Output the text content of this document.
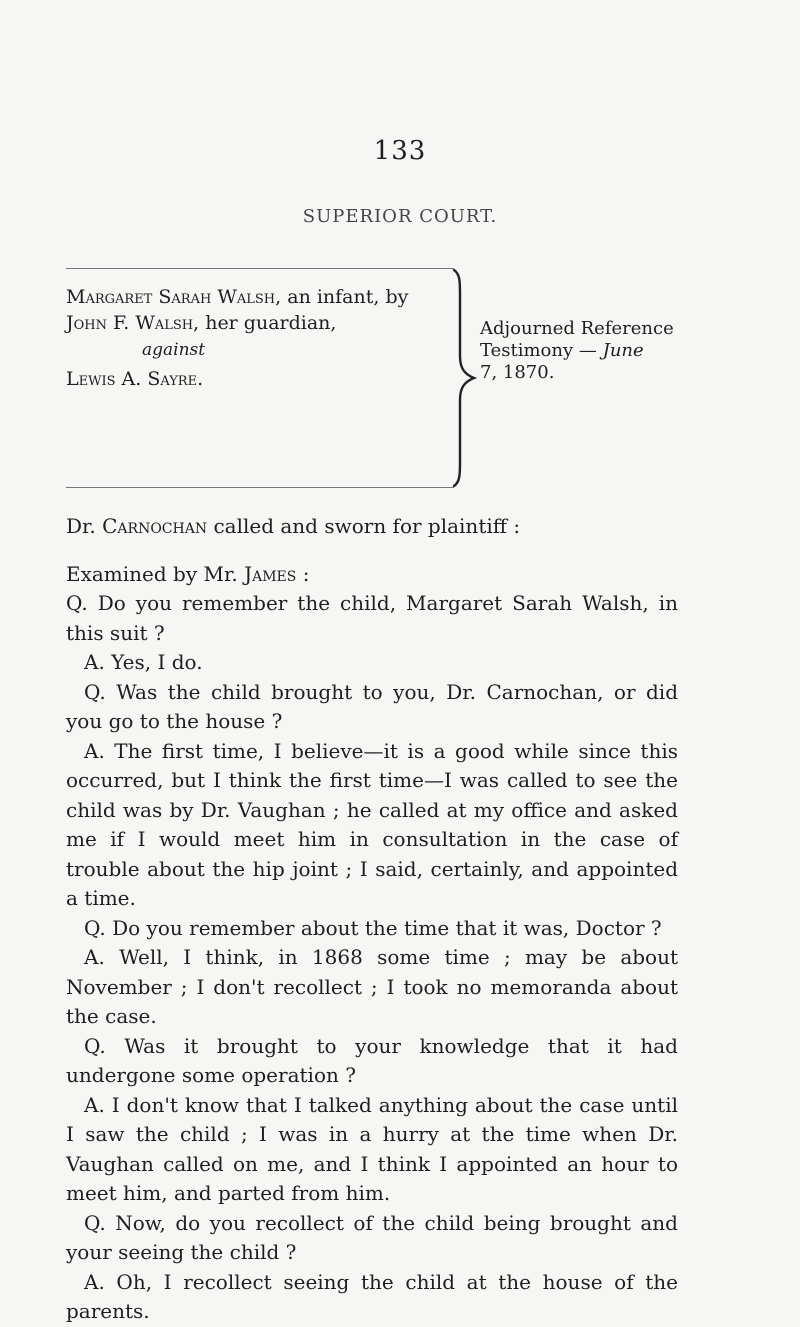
133
SUPERIOR COURT.
Margaret Sarah Walsh, an infant, by
John F. Walsh, her guardian,
against
Lewis A. Sayre.
Adjourned Reference
Testimony — June
7, 1870.

Dr. Carnochan called and sworn for plaintiff :

Examined by Mr. James :

Q. Do you remember the child, Margaret Sarah Walsh, in this suit ?

A. Yes, I do.

Q. Was the child brought to you, Dr. Carnochan, or did you go to the house ?

A. The first time, I believe—it is a good while since this occurred, but I think the first time—I was called to see the child was by Dr. Vaughan ; he called at my office and asked me if I would meet him in consultation in the case of trouble about the hip joint ; I said, certainly, and appointed a time.

Q. Do you remember about the time that it was, Doctor ?

A. Well, I think, in 1868 some time ; may be about November ; I don't recollect ; I took no memoranda about the case.

Q. Was it brought to your knowledge that it had undergone some operation ?

A. I don't know that I talked anything about the case until I saw the child ; I was in a hurry at the time when Dr. Vaughan called on me, and I think I appointed an hour to meet him, and parted from him.

Q. Now, do you recollect of the child being brought and your seeing the child ?

A. Oh, I recollect seeing the child at the house of the parents.
